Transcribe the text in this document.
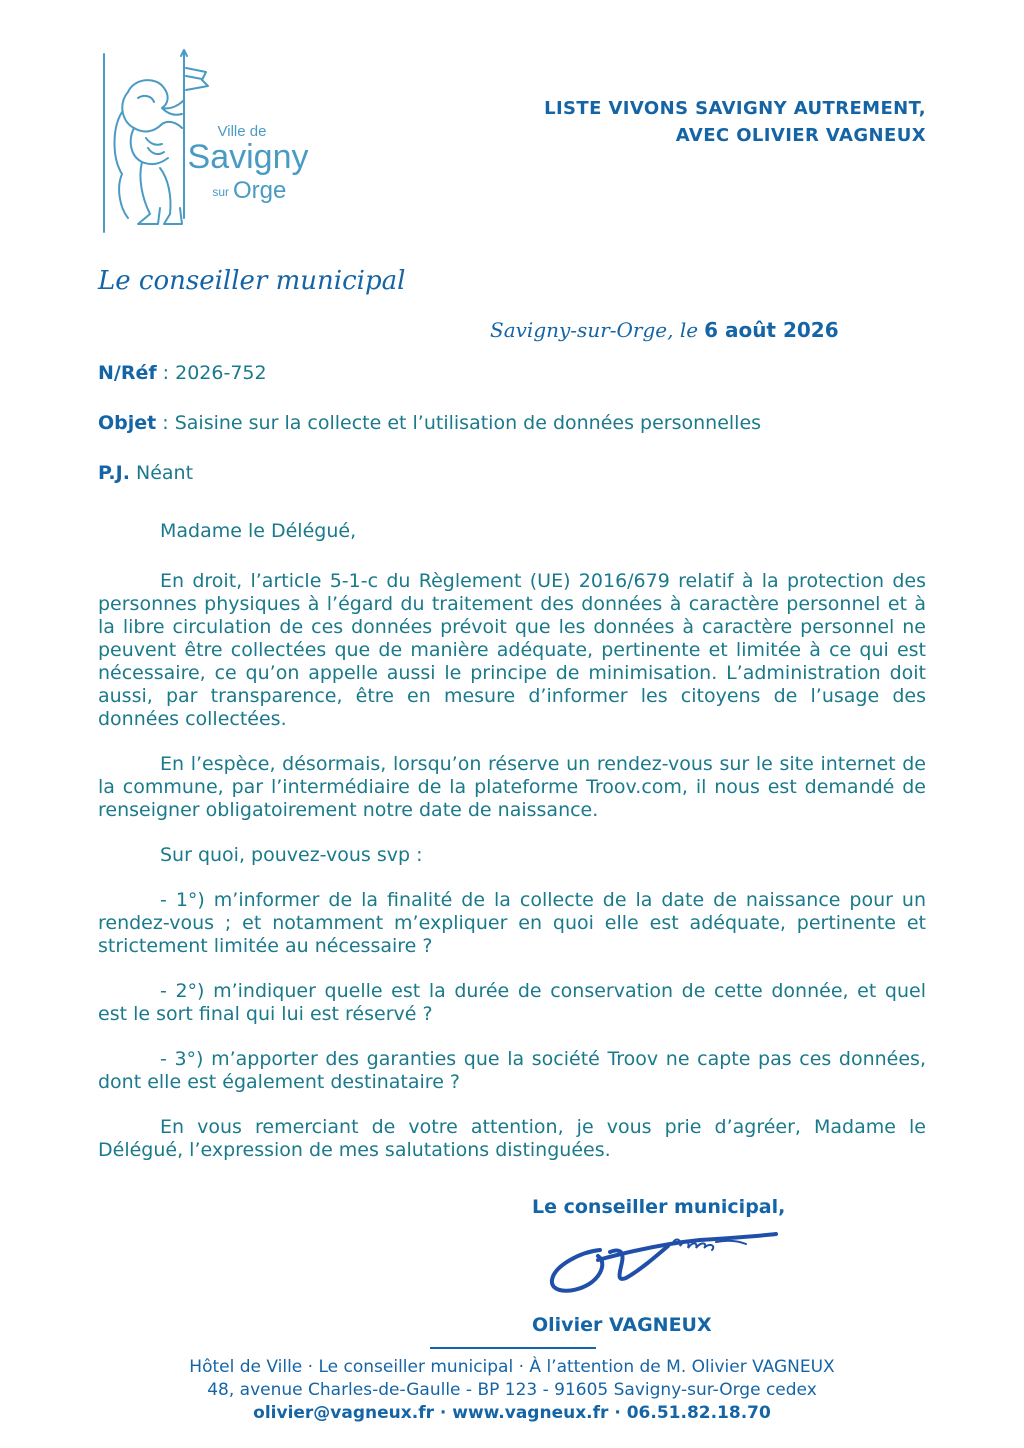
Ville de
Savigny
sur Orge
LISTE VIVONS SAVIGNY AUTREMENT,
AVEC OLIVIER VAGNEUX
Le conseiller municipal
Savigny-sur-Orge, le 6 août 2026
N/Réf : 2026-752
Objet : Saisine sur la collecte et l’utilisation de données personnelles
P.J. Néant

Madame le Délégué,

En droit, l’article 5-1-c du Règlement (UE) 2016/679 relatif à la protection des personnes physiques à l’égard du traitement des données à caractère personnel et à la libre circulation de ces données prévoit que les données à caractère personnel ne peuvent être collectées que de manière adéquate, pertinente et limitée à ce qui est nécessaire, ce qu’on appelle aussi le principe de minimisation. L’administration doit aussi, par transparence, être en mesure d’informer les citoyens de l’usage des données collectées.

En l’espèce, désormais, lorsqu’on réserve un rendez-vous sur le site internet de la commune, par l’intermédiaire de la plateforme Troov.com, il nous est demandé de renseigner obligatoirement notre date de naissance.

Sur quoi, pouvez-vous svp :

- 1°) m’informer de la finalité de la collecte de la date de naissance pour un rendez-vous ; et notamment m’expliquer en quoi elle est adéquate, pertinente et strictement limitée au nécessaire ?

- 2°) m’indiquer quelle est la durée de conservation de cette donnée, et quel est le sort final qui lui est réservé ?

- 3°) m’apporter des garanties que la société Troov ne capte pas ces données, dont elle est également destinataire ?

En vous remerciant de votre attention, je vous prie d’agréer, Madame le Délégué, l’expression de mes salutations distinguées.

Le conseiller municipal,
Olivier VAGNEUX
Hôtel de Ville · Le conseiller municipal · À l’attention de M. Olivier VAGNEUX
48, avenue Charles-de-Gaulle - BP 123 - 91605 Savigny-sur-Orge cedex
olivier@vagneux.fr · www.vagneux.fr · 06.51.82.18.70
